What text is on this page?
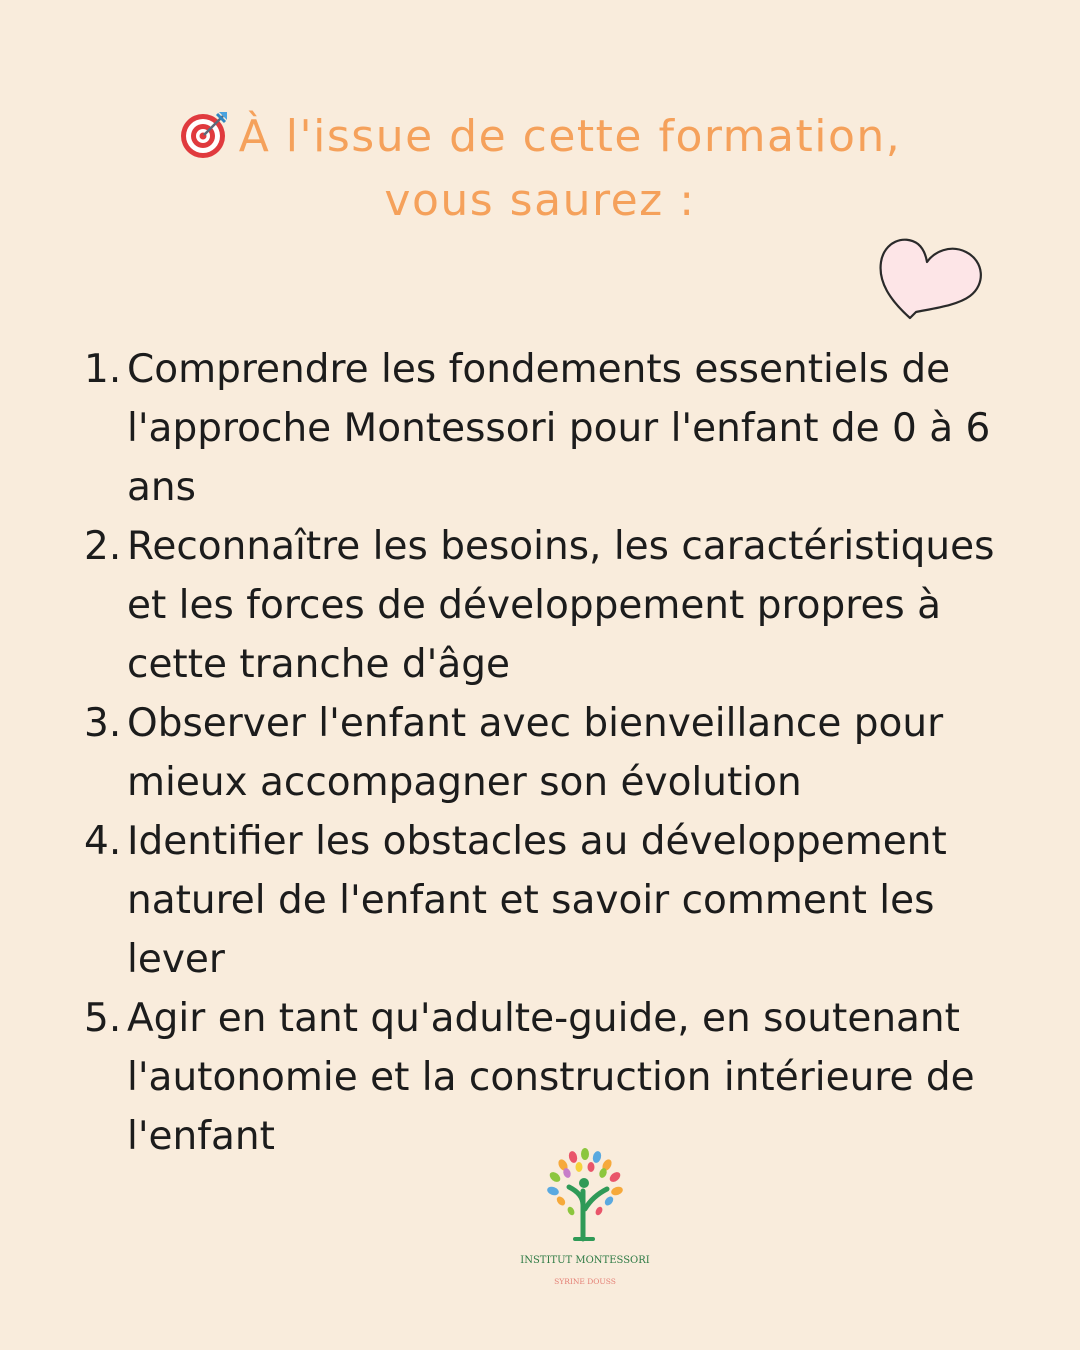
À l'issue de cette formation,
vous saurez :
1. Comprendre les fondements essentiels de l'approche Montessori pour l'enfant de 0 à 6 ans
2. Reconnaître les besoins, les caractéristiques et les forces de développement propres à cette tranche d'âge
3. Observer l'enfant avec bienveillance pour mieux accompagner son évolution
4. Identifier les obstacles au développement naturel de l'enfant et savoir comment les lever
5. Agir en tant qu'adulte-guide, en soutenant l'autonomie et la construction intérieure de l'enfant
INSTITUT MONTESSORI
SYRINE DOUSS
